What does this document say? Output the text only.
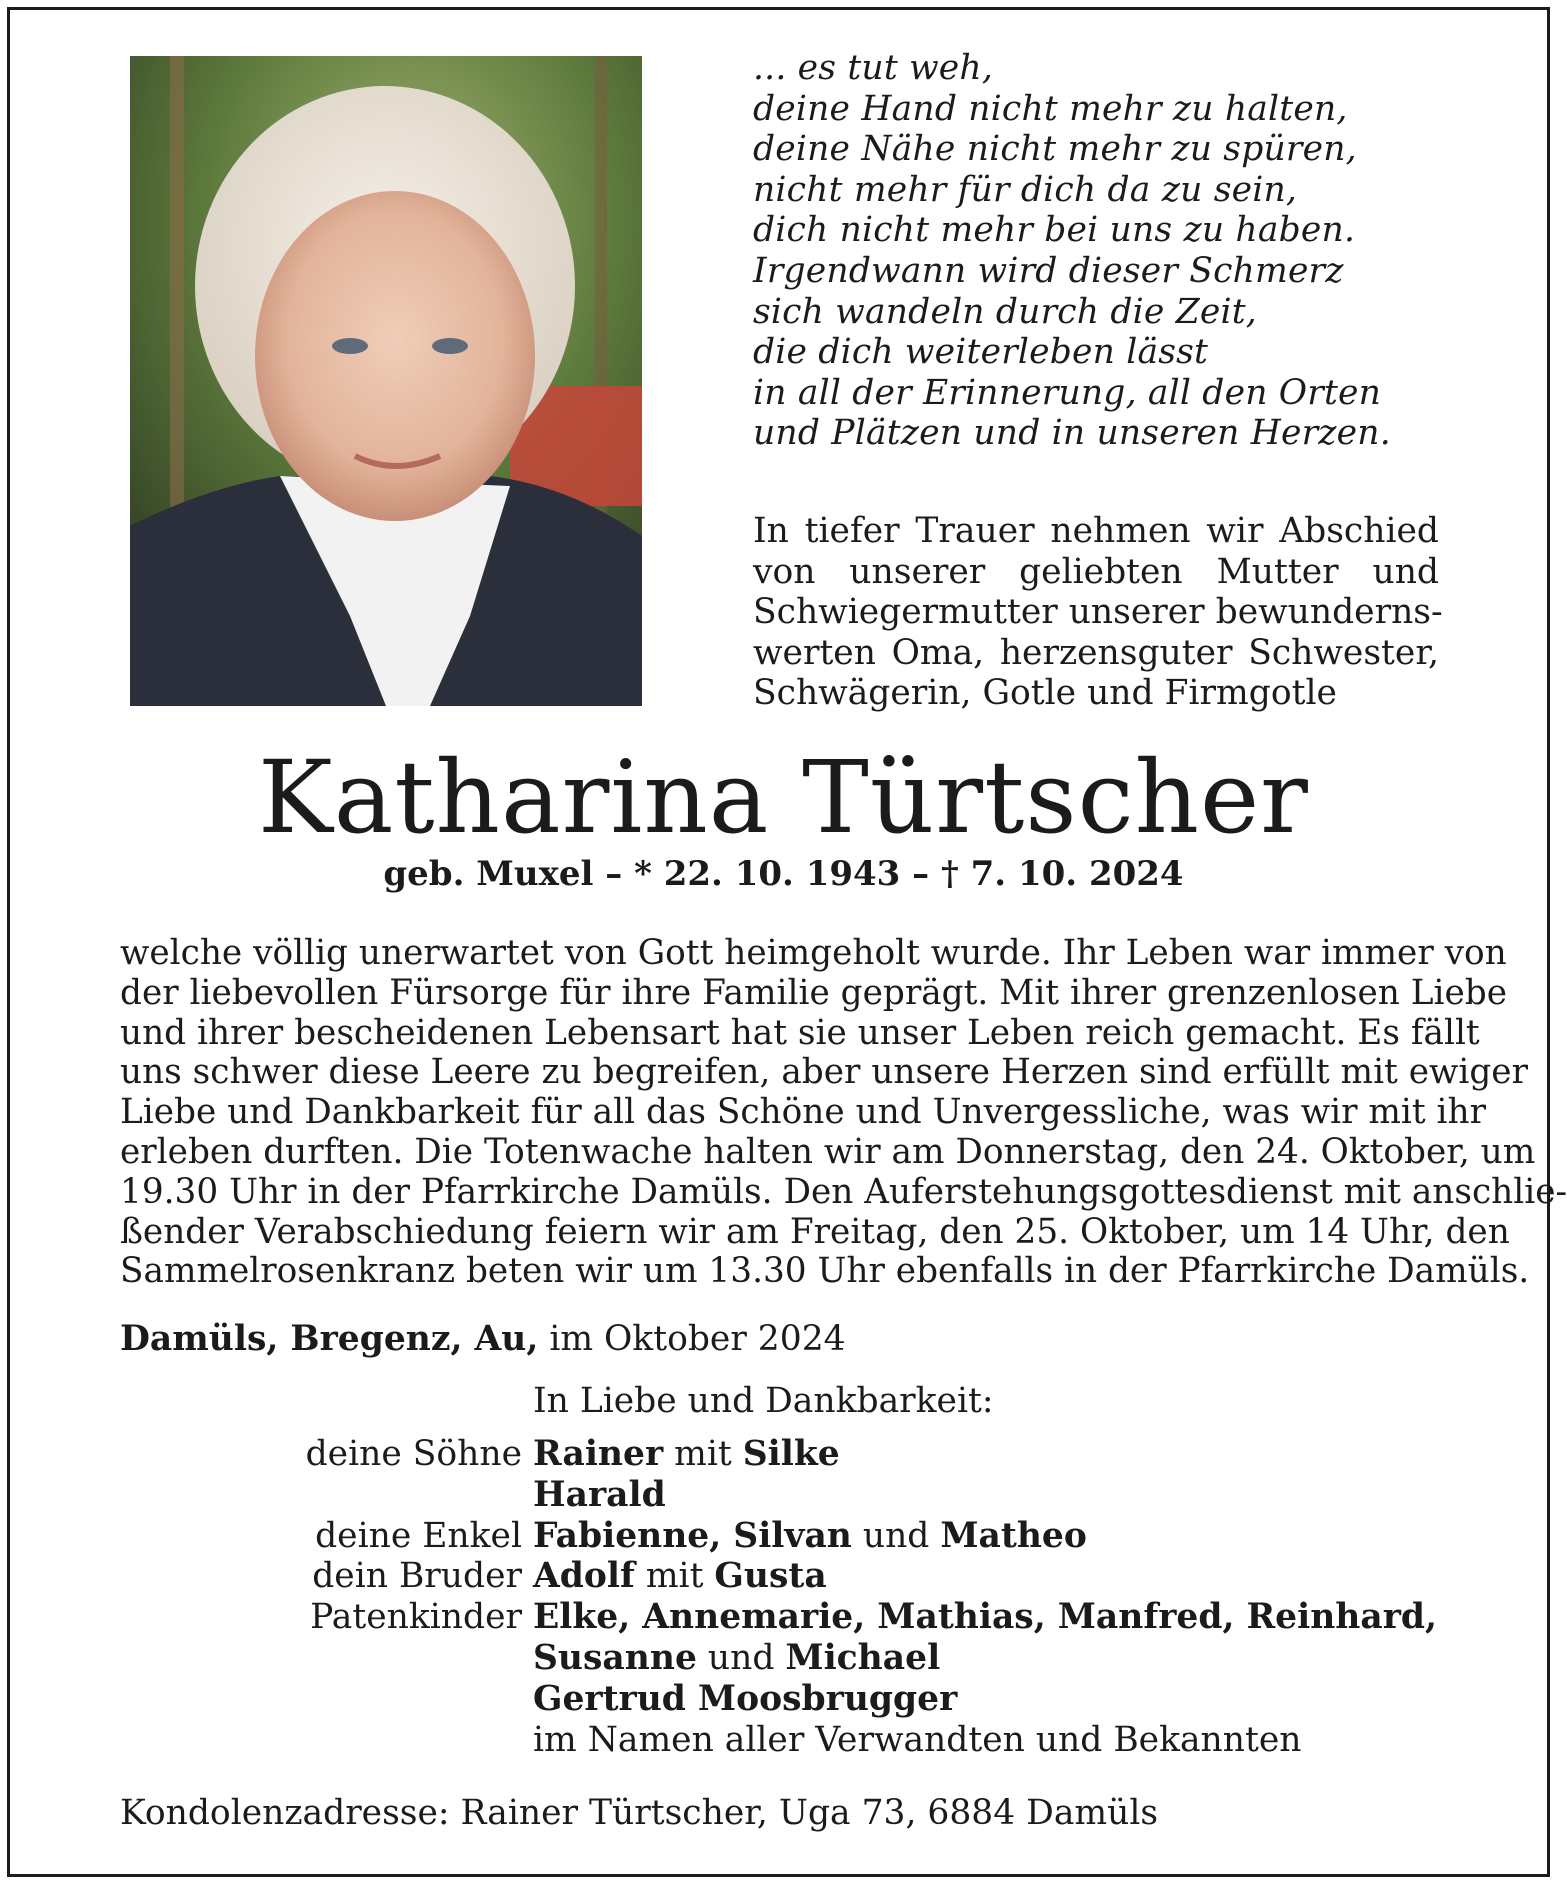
... es tut weh,
deine Hand nicht mehr zu halten,
deine Nähe nicht mehr zu spüren,
nicht mehr für dich da zu sein,
dich nicht mehr bei uns zu haben.
Irgendwann wird dieser Schmerz
sich wandeln durch die Zeit,
die dich weiterleben lässt
in all der Erinnerung, all den Orten
und Plätzen und in unseren Herzen.
In tiefer Trauer nehmen wir Abschied
von unserer geliebten Mutter und
Schwiegermutter unserer bewunderns-
werten Oma, herzensguter Schwester,
Schwägerin, Gotle und Firmgotle
Katharina Türtscher
geb. Muxel – * 22. 10. 1943 – † 7. 10. 2024
welche völlig unerwartet von Gott heimgeholt wurde. Ihr Leben war immer von
der liebevollen Fürsorge für ihre Familie geprägt. Mit ihrer grenzenlosen Liebe
und ihrer bescheidenen Lebensart hat sie unser Leben reich gemacht. Es fällt
uns schwer diese Leere zu begreifen, aber unsere Herzen sind erfüllt mit ewiger
Liebe und Dankbarkeit für all das Schöne und Unvergessliche, was wir mit ihr
erleben durften. Die Totenwache halten wir am Donnerstag, den 24. Oktober, um
19.30 Uhr in der Pfarrkirche Damüls. Den Auferstehungsgottesdienst mit anschlie-
ßender Verabschiedung feiern wir am Freitag, den 25. Oktober, um 14 Uhr, den
Sammelrosenkranz beten wir um 13.30 Uhr ebenfalls in der Pfarrkirche Damüls.
Damüls, Bregenz, Au, im Oktober 2024
In Liebe und Dankbarkeit:
deine Söhne Rainer mit Silke
Harald
deine Enkel Fabienne, Silvan und Matheo
dein Bruder Adolf mit Gusta
Patenkinder Elke, Annemarie, Mathias, Manfred, Reinhard,
Susanne und Michael
Gertrud Moosbrugger
im Namen aller Verwandten und Bekannten
Kondolenzadresse: Rainer Türtscher, Uga 73, 6884 Damüls
